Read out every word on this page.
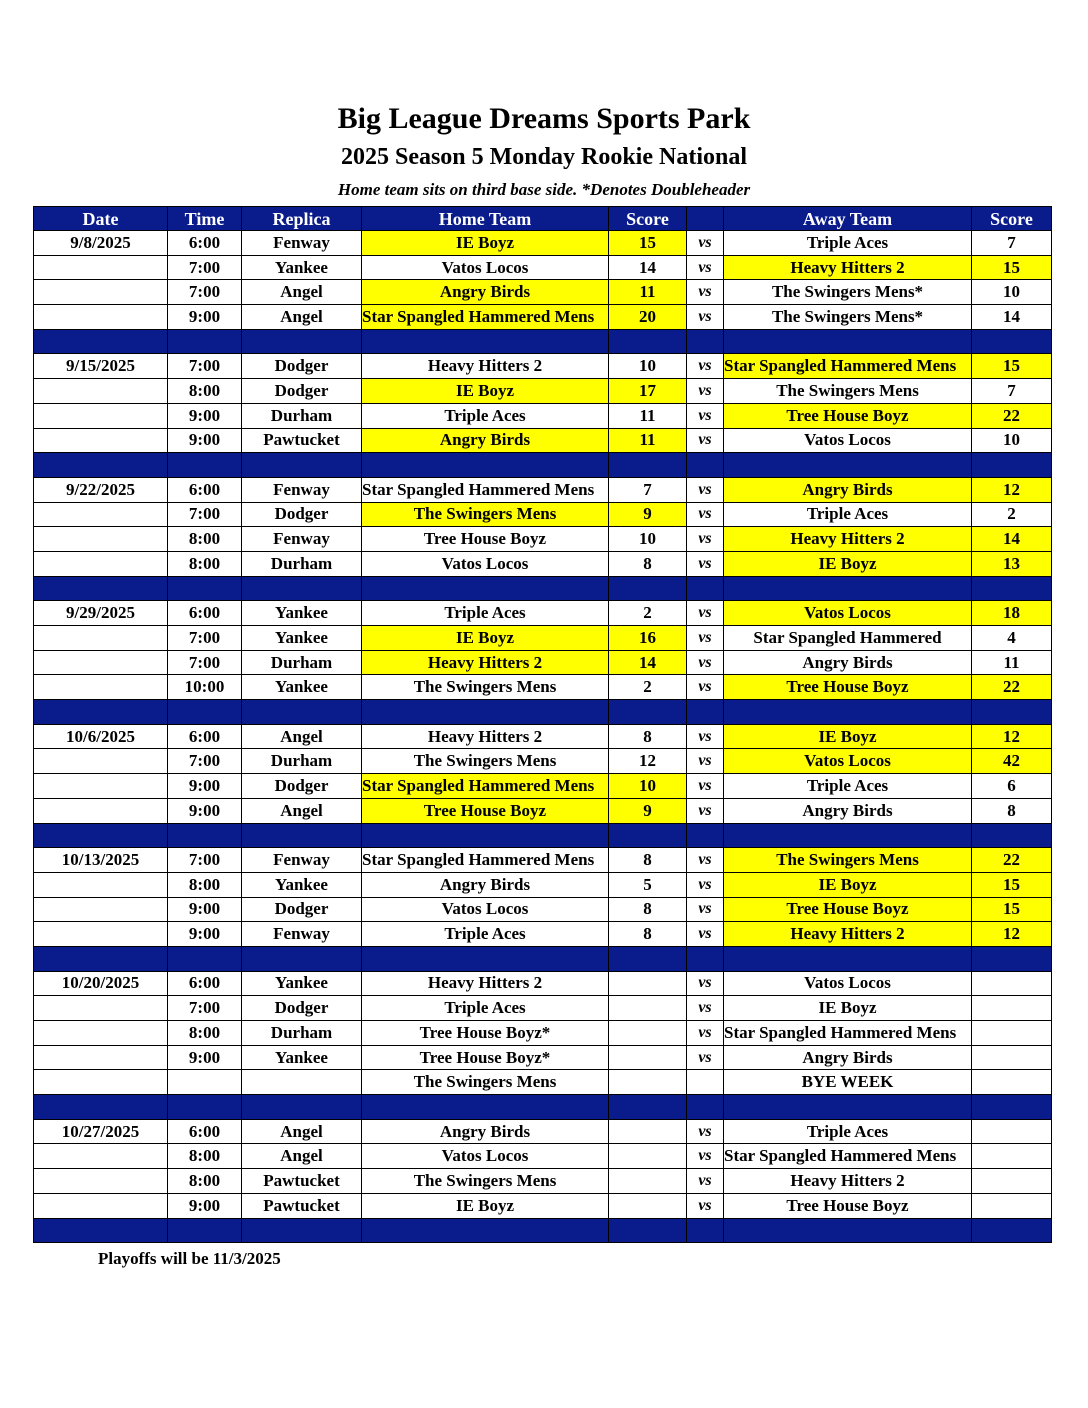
Big League Dreams Sports Park
2025 Season 5 Monday Rookie National
Home team sits on third base side. *Denotes Doubleheader
Date	Time	Replica	Home Team	Score		Away Team	Score
9/8/2025	6:00	Fenway	IE Boyz	15	vs	Triple Aces	7
	7:00	Yankee	Vatos Locos	14	vs	Heavy Hitters 2	15
	7:00	Angel	Angry Birds	11	vs	The Swingers Mens*	10
	9:00	Angel	Star Spangled Hammered Mens	20	vs	The Swingers Mens*	14

9/15/2025	7:00	Dodger	Heavy Hitters 2	10	vs	Star Spangled Hammered Mens	15
	8:00	Dodger	IE Boyz	17	vs	The Swingers Mens	7
	9:00	Durham	Triple Aces	11	vs	Tree House Boyz	22
	9:00	Pawtucket	Angry Birds	11	vs	Vatos Locos	10

9/22/2025	6:00	Fenway	Star Spangled Hammered Mens	7	vs	Angry Birds	12
	7:00	Dodger	The Swingers Mens	9	vs	Triple Aces	2
	8:00	Fenway	Tree House Boyz	10	vs	Heavy Hitters 2	14
	8:00	Durham	Vatos Locos	8	vs	IE Boyz	13

9/29/2025	6:00	Yankee	Triple Aces	2	vs	Vatos Locos	18
	7:00	Yankee	IE Boyz	16	vs	Star Spangled Hammered	4
	7:00	Durham	Heavy Hitters 2	14	vs	Angry Birds	11
	10:00	Yankee	The Swingers Mens	2	vs	Tree House Boyz	22

10/6/2025	6:00	Angel	Heavy Hitters 2	8	vs	IE Boyz	12
	7:00	Durham	The Swingers Mens	12	vs	Vatos Locos	42
	9:00	Dodger	Star Spangled Hammered Mens	10	vs	Triple Aces	6
	9:00	Angel	Tree House Boyz	9	vs	Angry Birds	8

10/13/2025	7:00	Fenway	Star Spangled Hammered Mens	8	vs	The Swingers Mens	22
	8:00	Yankee	Angry Birds	5	vs	IE Boyz	15
	9:00	Dodger	Vatos Locos	8	vs	Tree House Boyz	15
	9:00	Fenway	Triple Aces	8	vs	Heavy Hitters 2	12

10/20/2025	6:00	Yankee	Heavy Hitters 2		vs	Vatos Locos	
	7:00	Dodger	Triple Aces		vs	IE Boyz	
	8:00	Durham	Tree House Boyz*		vs	Star Spangled Hammered Mens	
	9:00	Yankee	Tree House Boyz*		vs	Angry Birds	
			The Swingers Mens			BYE WEEK	

10/27/2025	6:00	Angel	Angry Birds		vs	Triple Aces	
	8:00	Angel	Vatos Locos		vs	Star Spangled Hammered Mens	
	8:00	Pawtucket	The Swingers Mens		vs	Heavy Hitters 2	
	9:00	Pawtucket	IE Boyz		vs	Tree House Boyz	

Playoffs will be 11/3/2025
